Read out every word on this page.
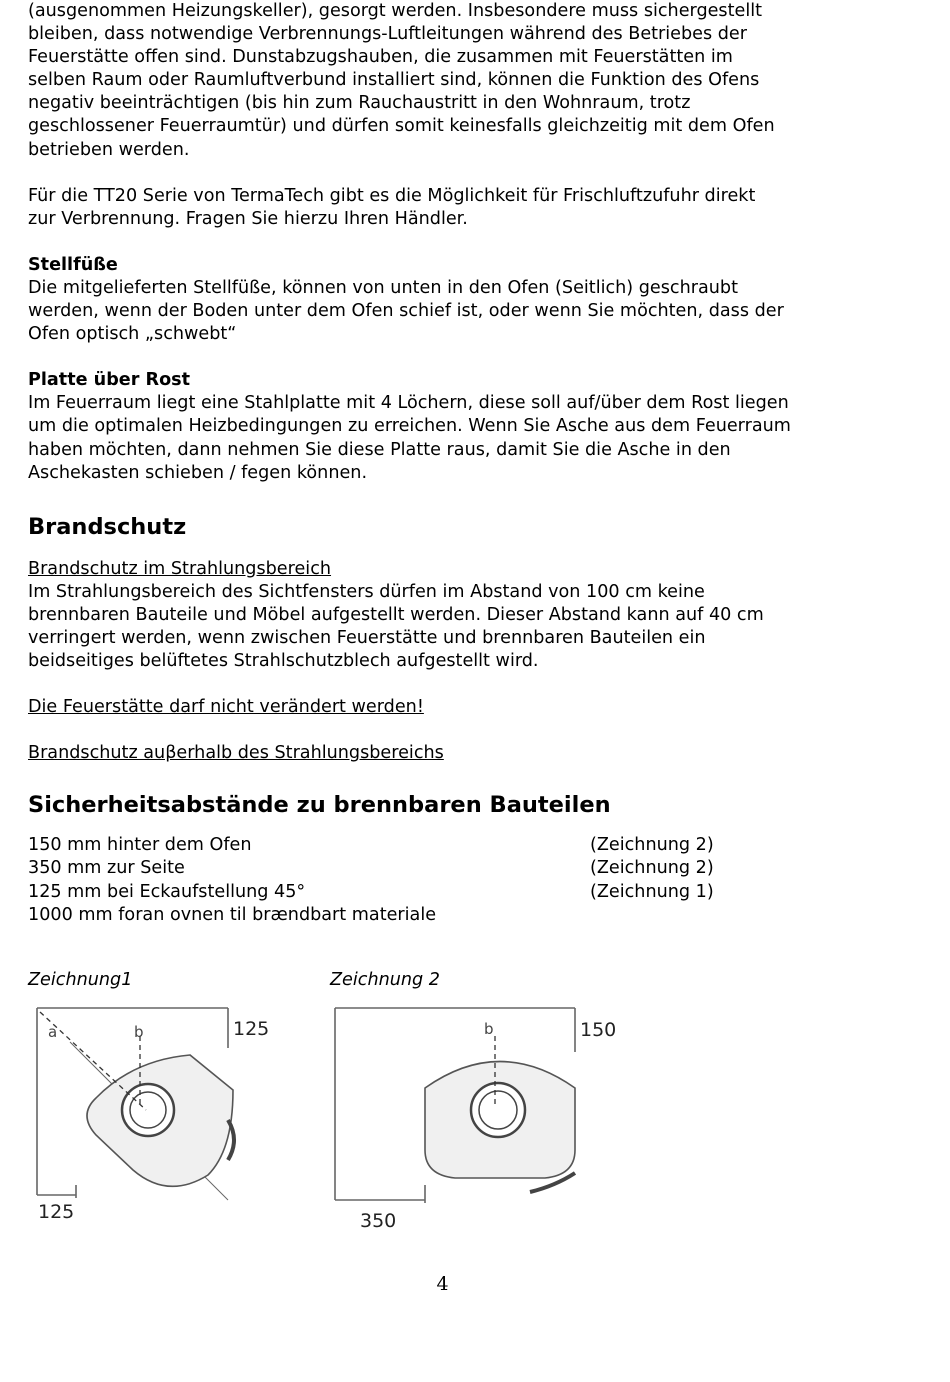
(ausgenommen Heizungskeller), gesorgt werden. Insbesondere muss sichergestellt
bleiben, dass notwendige Verbrennungs-Luftleitungen während des Betriebes der
Feuerstätte offen sind. Dunstabzugshauben, die zusammen mit Feuerstätten im
selben Raum oder Raumluftverbund installiert sind, können die Funktion des Ofens
negativ beeinträchtigen (bis hin zum Rauchaustritt in den Wohnraum, trotz
geschlossener Feuerraumtür) und dürfen somit keinesfalls gleichzeitig mit dem Ofen
betrieben werden.

Für die TT20 Serie von TermaTech gibt es die Möglichkeit für Frischluftzufuhr direkt
zur Verbrennung. Fragen Sie hierzu Ihren Händler.

Stellfüße

Die mitgelieferten Stellfüße, können von unten in den Ofen (Seitlich) geschraubt
werden, wenn der Boden unter dem Ofen schief ist, oder wenn Sie möchten, dass der
Ofen optisch „schwebt“

Platte über Rost

Im Feuerraum liegt eine Stahlplatte mit 4 Löchern, diese soll auf/über dem Rost liegen
um die optimalen Heizbedingungen zu erreichen. Wenn Sie Asche aus dem Feuerraum
haben möchten, dann nehmen Sie diese Platte raus, damit Sie die Asche in den
Aschekasten schieben / fegen können.

Brandschutz

Brandschutz im Strahlungsbereich

Im Strahlungsbereich des Sichtfensters dürfen im Abstand von 100 cm keine
brennbaren Bauteile und Möbel aufgestellt werden. Dieser Abstand kann auf 40 cm
verringert werden, wenn zwischen Feuerstätte und brennbaren Bauteilen ein
beidseitiges belüftetes Strahlschutzblech aufgestellt wird.

Die Feuerstätte darf nicht verändert werden!

Brandschutz auβerhalb des Strahlungsbereichs

Sicherheitsabstände zu brennbaren Bauteilen
150 mm hinter dem Ofen	(Zeichnung 2)
350 mm zur Seite	(Zeichnung 2)
125 mm bei Eckaufstellung 45°	(Zeichnung 1)
1000 mm foran ovnen til brændbart materiale
Zeichnung1	Zeichnung 2
a	b	125
125
b	150
350
4
